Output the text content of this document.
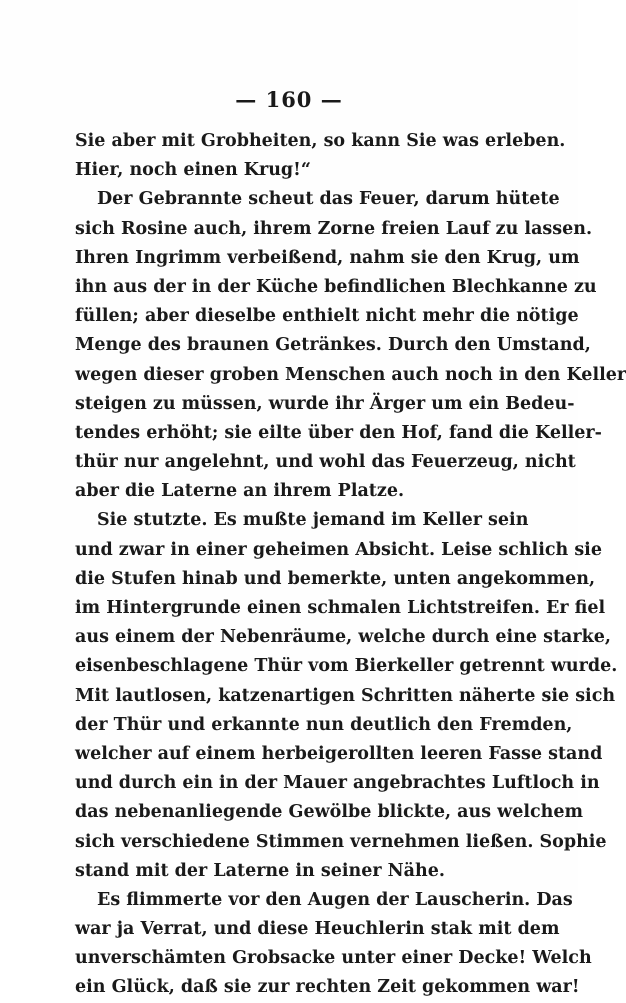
— 160 —
Sie aber mit Grobheiten, so kann Sie was erleben.
Hier, noch einen Krug!“
Der Gebrannte scheut das Feuer, darum hütete
sich Rosine auch, ihrem Zorne freien Lauf zu lassen.
Ihren Ingrimm verbeißend, nahm sie den Krug, um
ihn aus der in der Küche befindlichen Blechkanne zu
füllen; aber dieselbe enthielt nicht mehr die nötige
Menge des braunen Getränkes. Durch den Umstand,
wegen dieser groben Menschen auch noch in den Keller
steigen zu müssen, wurde ihr Ärger um ein Bedeu-
tendes erhöht; sie eilte über den Hof, fand die Keller-
thür nur angelehnt, und wohl das Feuerzeug, nicht
aber die Laterne an ihrem Platze.
Sie stutzte. Es mußte jemand im Keller sein
und zwar in einer geheimen Absicht. Leise schlich sie
die Stufen hinab und bemerkte, unten angekommen,
im Hintergrunde einen schmalen Lichtstreifen. Er fiel
aus einem der Nebenräume, welche durch eine starke,
eisenbeschlagene Thür vom Bierkeller getrennt wurde.
Mit lautlosen, katzenartigen Schritten näherte sie sich
der Thür und erkannte nun deutlich den Fremden,
welcher auf einem herbeigerollten leeren Fasse stand
und durch ein in der Mauer angebrachtes Luftloch in
das nebenanliegende Gewölbe blickte, aus welchem
sich verschiedene Stimmen vernehmen ließen. Sophie
stand mit der Laterne in seiner Nähe.
Es flimmerte vor den Augen der Lauscherin. Das
war ja Verrat, und diese Heuchlerin stak mit dem
unverschämten Grobsacke unter einer Decke! Welch
ein Glück, daß sie zur rechten Zeit gekommen war!
